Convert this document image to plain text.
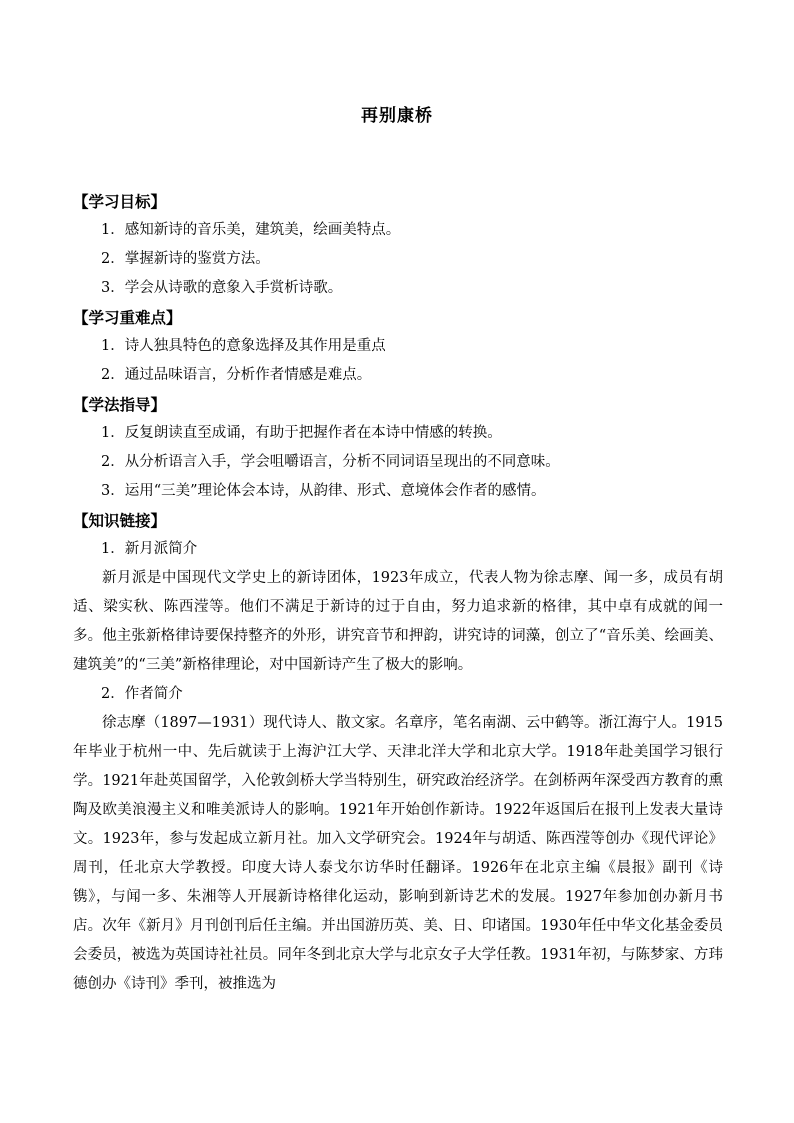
再别康桥
【学习目标】
1．感知新诗的音乐美，建筑美，绘画美特点。
2．掌握新诗的鉴赏方法。
3．学会从诗歌的意象入手赏析诗歌。
【学习重难点】
1．诗人独具特色的意象选择及其作用是重点
2．通过品味语言，分析作者情感是难点。
【学法指导】
1．反复朗读直至成诵，有助于把握作者在本诗中情感的转换。
2．从分析语言入手，学会咀嚼语言，分析不同词语呈现出的不同意味。
3．运用“三美”理论体会本诗，从韵律、形式、意境体会作者的感情。
【知识链接】
1．新月派简介
新月派是中国现代文学史上的新诗团体，1923年成立，代表人物为徐志摩、闻一多，成员有胡适、梁实秋、陈西滢等。他们不满足于新诗的过于自由，努力追求新的格律，其中卓有成就的闻一多。他主张新格律诗要保持整齐的外形，讲究音节和押韵，讲究诗的词藻，创立了“音乐美、绘画美、建筑美”的“三美”新格律理论，对中国新诗产生了极大的影响。
2．作者简介
徐志摩（1897—1931）现代诗人、散文家。名章序，笔名南湖、云中鹤等。浙江海宁人。1915年毕业于杭州一中、先后就读于上海沪江大学、天津北洋大学和北京大学。1918年赴美国学习银行学。1921年赴英国留学，入伦敦剑桥大学当特别生，研究政治经济学。在剑桥两年深受西方教育的熏陶及欧美浪漫主义和唯美派诗人的影响。1921年开始创作新诗。1922年返国后在报刊上发表大量诗文。1923年，参与发起成立新月社。加入文学研究会。1924年与胡适、陈西滢等创办《现代评论》周刊，任北京大学教授。印度大诗人泰戈尔访华时任翻译。1926年在北京主编《晨报》副刊《诗镌》，与闻一多、朱湘等人开展新诗格律化运动，影响到新诗艺术的发展。1927年参加创办新月书店。次年《新月》月刊创刊后任主编。并出国游历英、美、日、印诸国。1930年任中华文化基金委员会委员，被选为英国诗社社员。同年冬到北京大学与北京女子大学任教。1931年初，与陈梦家、方玮德创办《诗刊》季刊，被推选为
